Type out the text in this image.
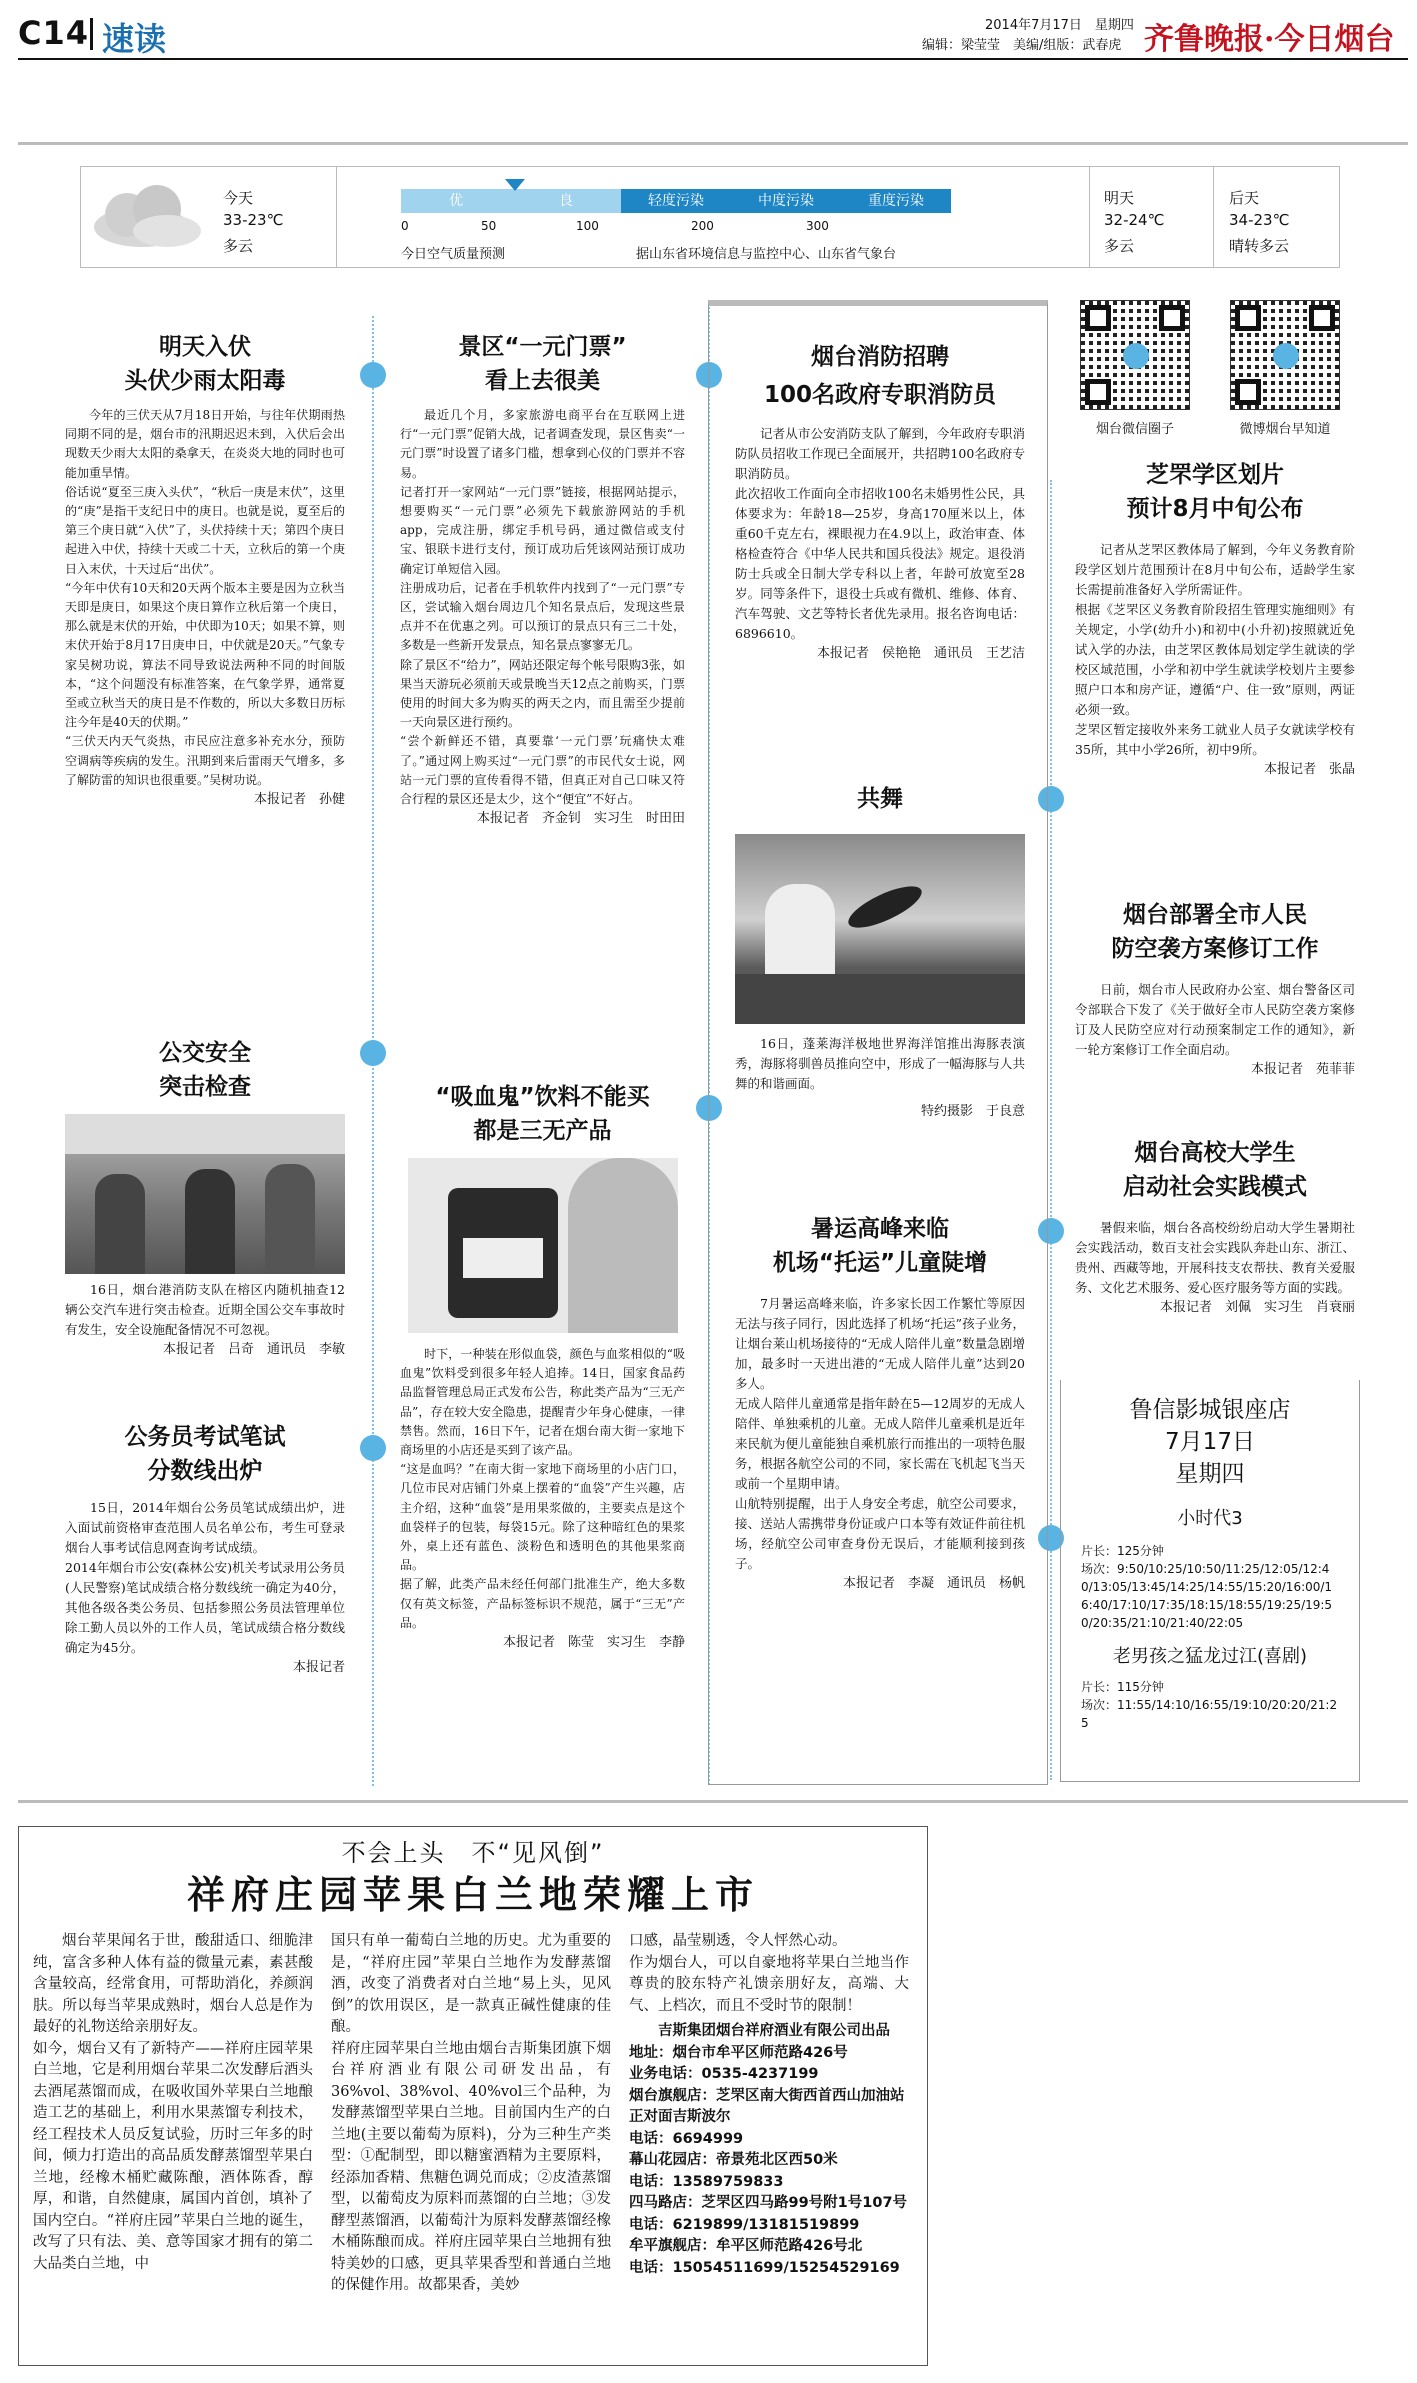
C14 速读	2014年7月17日　星期四
编辑：梁莹莹　美编/组版：武春虎 齐鲁晚报·今日烟台
今天
33-23℃
多云
优	良	轻度污染	中度污染	重度污染
0	50	100	200	300
今日空气质量预测	据山东省环境信息与监控中心、山东省气象台
明天
32-24℃
多云
后天
34-23℃
晴转多云
明天入伏
头伏少雨太阳毒
今年的三伏天从7月18日开始，与往年伏期雨热同期不同的是，烟台市的汛期迟迟未到，入伏后会出现数天少雨大太阳的桑拿天，在炎炎大地的同时也可能加重旱情。
俗话说“夏至三庚入头伏”，“秋后一庚是末伏”，这里的“庚”是指干支纪日中的庚日。也就是说，夏至后的第三个庚日就“入伏”了，头伏持续十天；第四个庚日起进入中伏，持续十天或二十天，立秋后的第一个庚日入末伏，十天过后“出伏”。
“今年中伏有10天和20天两个版本主要是因为立秋当天即是庚日，如果这个庚日算作立秋后第一个庚日，那么就是末伏的开始，中伏即为10天；如果不算，则末伏开始于8月17日庚申日，中伏就是20天。”气象专家吴树功说，算法不同导致说法两种不同的时间版本，“这个问题没有标准答案，在气象学界，通常夏至或立秋当天的庚日是不作数的，所以大多数日历标注今年是40天的伏期。”
“三伏天内天气炎热，市民应注意多补充水分，预防空调病等疾病的发生。汛期到来后雷雨天气增多，多了解防雷的知识也很重要。”吴树功说。
本报记者　孙健
公交安全
突击检查
16日，烟台港消防支队在榕区内随机抽查12辆公交汽车进行突击检查。近期全国公交车事故时有发生，安全设施配备情况不可忽视。
本报记者　吕奇　通讯员　李敏
公务员考试笔试
分数线出炉
15日，2014年烟台公务员笔试成绩出炉，进入面试前资格审查范围人员名单公布，考生可登录烟台人事考试信息网查询考试成绩。
2014年烟台市公安(森林公安)机关考试录用公务员(人民警察)笔试成绩合格分数线统一确定为40分，其他各级各类公务员、包括参照公务员法管理单位除工勤人员以外的工作人员，笔试成绩合格分数线确定为45分。
本报记者
景区“一元门票”
看上去很美
最近几个月，多家旅游电商平台在互联网上进行“一元门票”促销大战，记者调查发现，景区售卖“一元门票”时设置了诸多门槛，想拿到心仪的门票并不容易。
记者打开一家网站“一元门票”链接，根据网站提示，想要购买“一元门票”必须先下载旅游网站的手机app，完成注册，绑定手机号码，通过微信或支付宝、银联卡进行支付，预订成功后凭该网站预订成功确定订单短信入园。
注册成功后，记者在手机软件内找到了“一元门票”专区，尝试输入烟台周边几个知名景点后，发现这些景点并不在优惠之列。可以预订的景点只有三二十处，多数是一些新开发景点，知名景点寥寥无几。
除了景区不“给力”，网站还限定每个帐号限购3张，如果当天游玩必须前天或景晚当天12点之前购买，门票使用的时间大多为购买的两天之内，而且需至少提前一天向景区进行预约。
“尝个新鲜还不错，真要靠‘一元门票’玩痛快太难了。”通过网上购买过“一元门票”的市民代女士说，网站一元门票的宣传看得不错，但真正对自己口味又符合行程的景区还是太少，这个“便宜”不好占。
本报记者　齐金钊　实习生　时田田
“吸血鬼”饮料不能买
都是三无产品
时下，一种装在形似血袋，颜色与血浆相似的“吸血鬼”饮料受到很多年轻人追捧。14日，国家食品药品监督管理总局正式发布公告，称此类产品为“三无产品”，存在较大安全隐患，提醒青少年身心健康，一律禁售。然而，16日下午，记者在烟台南大街一家地下商场里的小店还是买到了该产品。
“这是血吗？”在南大街一家地下商场里的小店门口，几位市民对店铺门外桌上摆着的“血袋”产生兴趣，店主介绍，这种“血袋”是用果浆做的，主要卖点是这个血袋样子的包装，每袋15元。除了这种暗红色的果浆外，桌上还有蓝色、淡粉色和透明色的其他果浆商品。
据了解，此类产品未经任何部门批准生产，绝大多数仅有英文标签，产品标签标识不规范，属于“三无”产品。
本报记者　陈莹　实习生　李静
烟台消防招聘
100名政府专职消防员
记者从市公安消防支队了解到，今年政府专职消防队员招收工作现已全面展开，共招聘100名政府专职消防员。
此次招收工作面向全市招收100名未婚男性公民，具体要求为：年龄18—25岁，身高170厘米以上，体重60千克左右，裸眼视力在4.9以上，政治审查、体格检查符合《中华人民共和国兵役法》规定。退役消防士兵或全日制大学专科以上者，年龄可放宽至28岁。同等条件下，退役士兵或有微机、维修、体育、汽车驾驶、文艺等特长者优先录用。报名咨询电话：6896610。
本报记者　侯艳艳　通讯员　王艺洁
共舞
16日，蓬莱海洋极地世界海洋馆推出海豚表演秀，海豚将驯兽员推向空中，形成了一幅海豚与人共舞的和谐画面。
特约摄影　于良意
暑运高峰来临
机场“托运”儿童陡增
7月暑运高峰来临，许多家长因工作繁忙等原因无法与孩子同行，因此选择了机场“托运”孩子业务，让烟台莱山机场接待的“无成人陪伴儿童”数量急剧增加，最多时一天进出港的“无成人陪伴儿童”达到20多人。
无成人陪伴儿童通常是指年龄在5—12周岁的无成人陪伴、单独乘机的儿童。无成人陪伴儿童乘机是近年来民航为便儿童能独自乘机旅行而推出的一项特色服务，根据各航空公司的不同，家长需在飞机起飞当天或前一个星期申请。
山航特别提醒，出于人身安全考虑，航空公司要求，接、送站人需携带身份证或户口本等有效证件前往机场，经航空公司审查身份无误后，才能顺利接到孩子。
本报记者　李凝　通讯员　杨帆
烟台微信圈子	微博烟台早知道
芝罘学区划片
预计8月中旬公布
记者从芝罘区教体局了解到，今年义务教育阶段学区划片范围预计在8月中旬公布，适龄学生家长需提前准备好入学所需证件。
根据《芝罘区义务教育阶段招生管理实施细则》有关规定，小学(幼升小)和初中(小升初)按照就近免试入学的办法，由芝罘区教体局划定学生就读的学校区域范围，小学和初中学生就读学校划片主要参照户口本和房产证，遵循“户、住一致”原则，两证必须一致。
芝罘区暂定接收外来务工就业人员子女就读学校有35所，其中小学26所，初中9所。
本报记者　张晶
烟台部署全市人民
防空袭方案修订工作
日前，烟台市人民政府办公室、烟台警备区司令部联合下发了《关于做好全市人民防空袭方案修订及人民防空应对行动预案制定工作的通知》，新一轮方案修订工作全面启动。
本报记者　苑菲菲
烟台高校大学生
启动社会实践模式
暑假来临，烟台各高校纷纷启动大学生暑期社会实践活动，数百支社会实践队奔赴山东、浙江、贵州、西藏等地，开展科技支农帮扶、教育关爱服务、文化艺术服务、爱心医疗服务等方面的实践。
本报记者　刘佩　实习生　肖衰丽
鲁信影城银座店
7月17日
星期四
小时代3
片长：125分钟
场次：9:50/10:25/10:50/11:25/12:05/12:40/13:05/13:45/14:25/14:55/15:20/16:00/16:40/17:10/17:35/18:15/18:55/19:25/19:50/20:35/21:10/21:40/22:05
老男孩之猛龙过江(喜剧)
片长：115分钟
场次：11:55/14:10/16:55/19:10/20:20/21:25
不会上头　不“见风倒”
祥府庄园苹果白兰地荣耀上市
烟台苹果闻名于世，酸甜适口、细脆津纯，富含多种人体有益的微量元素，素甚酸含量较高，经常食用，可帮助消化，养颜润肤。所以每当苹果成熟时，烟台人总是作为最好的礼物送给亲朋好友。
如今，烟台又有了新特产——祥府庄园苹果白兰地，它是利用烟台苹果二次发酵后酒头去酒尾蒸馏而成，在吸收国外苹果白兰地酿造工艺的基础上，利用水果蒸馏专利技术，经工程技术人员反复试验，历时三年多的时间，倾力打造出的高品质发酵蒸馏型苹果白兰地，经橡木桶贮藏陈酿，酒体陈香，醇厚，和谐，自然健康，属国内首创，填补了国内空白。“祥府庄园”苹果白兰地的诞生，改写了只有法、美、意等国家才拥有的第二大品类白兰地，中
国只有单一葡萄白兰地的历史。尤为重要的是，“祥府庄园”苹果白兰地作为发酵蒸馏酒，改变了消费者对白兰地“易上头，见风倒”的饮用误区，是一款真正碱性健康的佳酿。
祥府庄园苹果白兰地由烟台吉斯集团旗下烟台祥府酒业有限公司研发出品，有36%vol、38%vol、40%vol三个品种，为发酵蒸馏型苹果白兰地。目前国内生产的白兰地(主要以葡萄为原料)，分为三种生产类型：①配制型，即以糖蜜酒精为主要原料，经添加香精、焦糖色调兑而成；②皮渣蒸馏型，以葡萄皮为原料而蒸馏的白兰地；③发酵型蒸馏酒，以葡萄汁为原料发酵蒸馏经橡木桶陈酿而成。祥府庄园苹果白兰地拥有独特美妙的口感，更具苹果香型和普通白兰地的保健作用。故都果香，美妙
口感，晶莹剔透，令人怦然心动。
作为烟台人，可以自豪地将苹果白兰地当作尊贵的胶东特产礼馈亲朋好友，高端、大气、上档次，而且不受时节的限制！
吉斯集团烟台祥府酒业有限公司出品
地址：烟台市牟平区师范路426号
业务电话：0535-4237199
烟台旗舰店：芝罘区南大街西首西山加油站正对面吉斯波尔
电话：6694999
幕山花园店：帝景苑北区西50米
电话：13589759833
四马路店：芝罘区四马路99号附1号107号
电话：6219899/13181519899
牟平旗舰店：牟平区师范路426号北
电话：15054511699/15254529169
